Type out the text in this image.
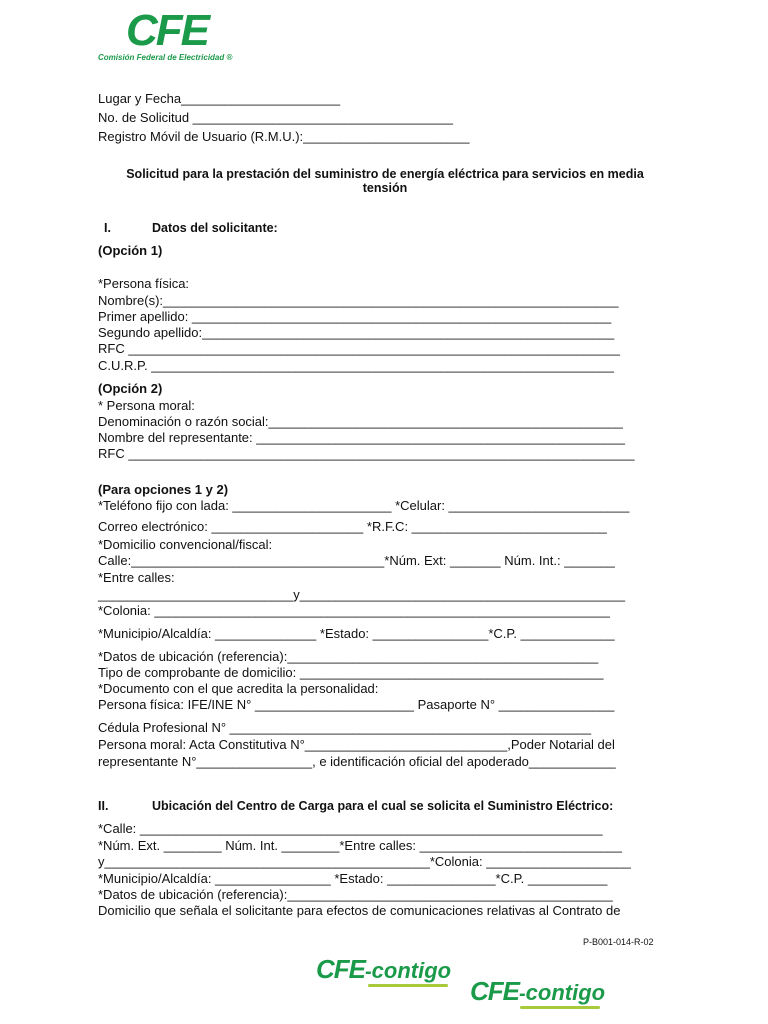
CFE
Comisión Federal de Electricidad ®
Lugar y Fecha______________________
No. de Solicitud ____________________________________
Registro Móvil de Usuario (R.M.U.):_______________________
Solicitud para la prestación del suministro de energía eléctrica para servicios en media tensión
I.	Datos del solicitante:
(Opción 1)
*Persona física:
Nombre(s):_______________________________________________________________
Primer apellido: __________________________________________________________
Segundo apellido:_________________________________________________________
RFC ____________________________________________________________________
C.U.R.P. ________________________________________________________________
(Opción 2)
* Persona moral:
Denominación o razón social:_________________________________________________
Nombre del representante: ___________________________________________________
RFC ______________________________________________________________________
(Para opciones 1 y 2)
*Teléfono fijo con lada: ______________________ *Celular: _________________________
Correo electrónico: _____________________ *R.F.C: ___________________________
*Domicilio convencional/fiscal:
Calle:___________________________________*Núm. Ext: _______ Núm. Int.: _______
*Entre calles:
___________________________y_____________________________________________
*Colonia: _______________________________________________________________
*Municipio/Alcaldía: ______________ *Estado: ________________*C.P. _____________
*Datos de ubicación (referencia):___________________________________________
Tipo de comprobante de domicilio: __________________________________________
*Documento con el que acredita la personalidad:
Persona física: IFE/INE N° ______________________ Pasaporte N° ________________
Cédula Profesional N° __________________________________________________
Persona moral: Acta Constitutiva N°____________________________,Poder Notarial del
representante N°________________, e identificación oficial del apoderado____________
II.	Ubicación del Centro de Carga para el cual se solicita el Suministro Eléctrico:
*Calle: ________________________________________________________________
*Núm. Ext. ________ Núm. Int. ________*Entre calles: ____________________________
y_____________________________________________*Colonia: ____________________
*Municipio/Alcaldía: ________________ *Estado: _______________*C.P. ___________
*Datos de ubicación (referencia):_____________________________________________
Domicilio que señala el solicitante para efectos de comunicaciones relativas al Contrato de
P-B001-014-R-02
CFE-contigo
CFE-contigo
